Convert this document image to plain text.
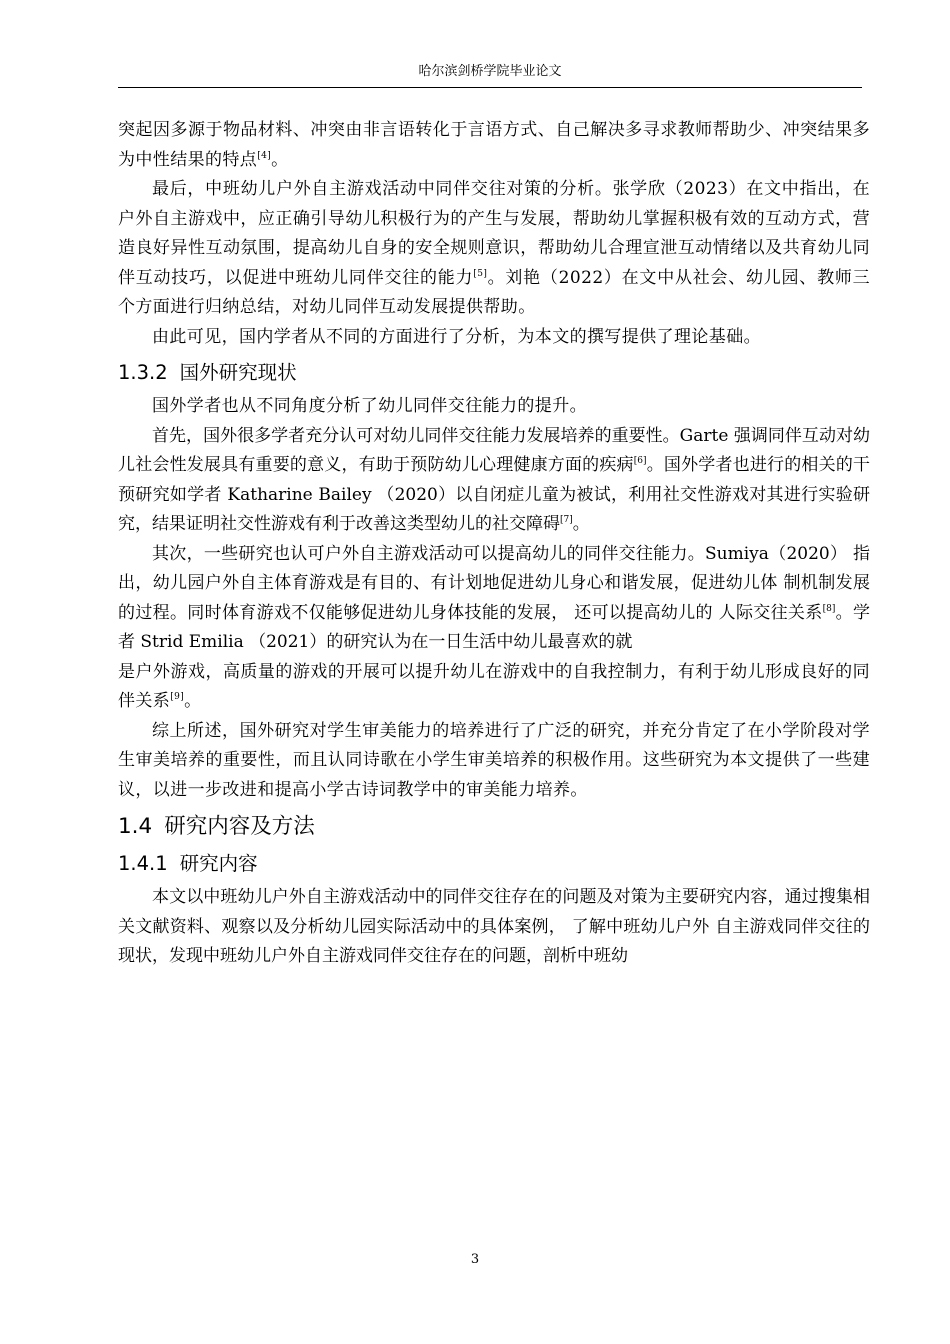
哈尔滨剑桥学院毕业论文

突起因多源于物品材料、冲突由非言语转化于言语方式、自己解决多寻求教师帮助少、冲突结果多为中性结果的特点[4]。

最后，中班幼儿户外自主游戏活动中同伴交往对策的分析。张学欣（2023）在文中指出，在户外自主游戏中，应正确引导幼儿积极行为的产生与发展，帮助幼儿掌握积极有效的互动方式，营造良好异性互动氛围，提高幼儿自身的安全规则意识，帮助幼儿合理宣泄互动情绪以及共育幼儿同伴互动技巧，以促进中班幼儿同伴交往的能力[5]。刘艳（2022）在文中从社会、幼儿园、教师三个方面进行归纳总结，对幼儿同伴互动发展提供帮助。

由此可见，国内学者从不同的方面进行了分析，为本文的撰写提供了理论基础。

1.3.2 国外研究现状

国外学者也从不同角度分析了幼儿同伴交往能力的提升。

首先，国外很多学者充分认可对幼儿同伴交往能力发展培养的重要性。Garte 强调同伴互动对幼儿社会性发展具有重要的意义，有助于预防幼儿心理健康方面的疾病[6]。国外学者也进行的相关的干预研究如学者 Katharine Bailey （2020）以自闭症儿童为被试，利用社交性游戏对其进行实验研究，结果证明社交性游戏有利于改善这类型幼儿的社交障碍[7]。

其次，一些研究也认可户外自主游戏活动可以提高幼儿的同伴交往能力。Sumiya（2020） 指出，幼儿园户外自主体育游戏是有目的、有计划地促进幼儿身心和谐发展，促进幼儿体 制机制发展的过程。同时体育游戏不仅能够促进幼儿身体技能的发展， 还可以提高幼儿的 人际交往关系[8]。学者 Strid Emilia （2021）的研究认为在一日生活中幼儿最喜欢的就

是户外游戏，高质量的游戏的开展可以提升幼儿在游戏中的自我控制力，有利于幼儿形成良好的同伴关系[9]。

综上所述，国外研究对学生审美能力的培养进行了广泛的研究，并充分肯定了在小学阶段对学生审美培养的重要性，而且认同诗歌在小学生审美培养的积极作用。这些研究为本文提供了一些建议，以进一步改进和提高小学古诗词教学中的审美能力培养。

1.4 研究内容及方法
1.4.1 研究内容

本文以中班幼儿户外自主游戏活动中的同伴交往存在的问题及对策为主要研究内容，通过搜集相关文献资料、观察以及分析幼儿园实际活动中的具体案例， 了解中班幼儿户外 自主游戏同伴交往的现状，发现中班幼儿户外自主游戏同伴交往存在的问题，剖析中班幼

3
